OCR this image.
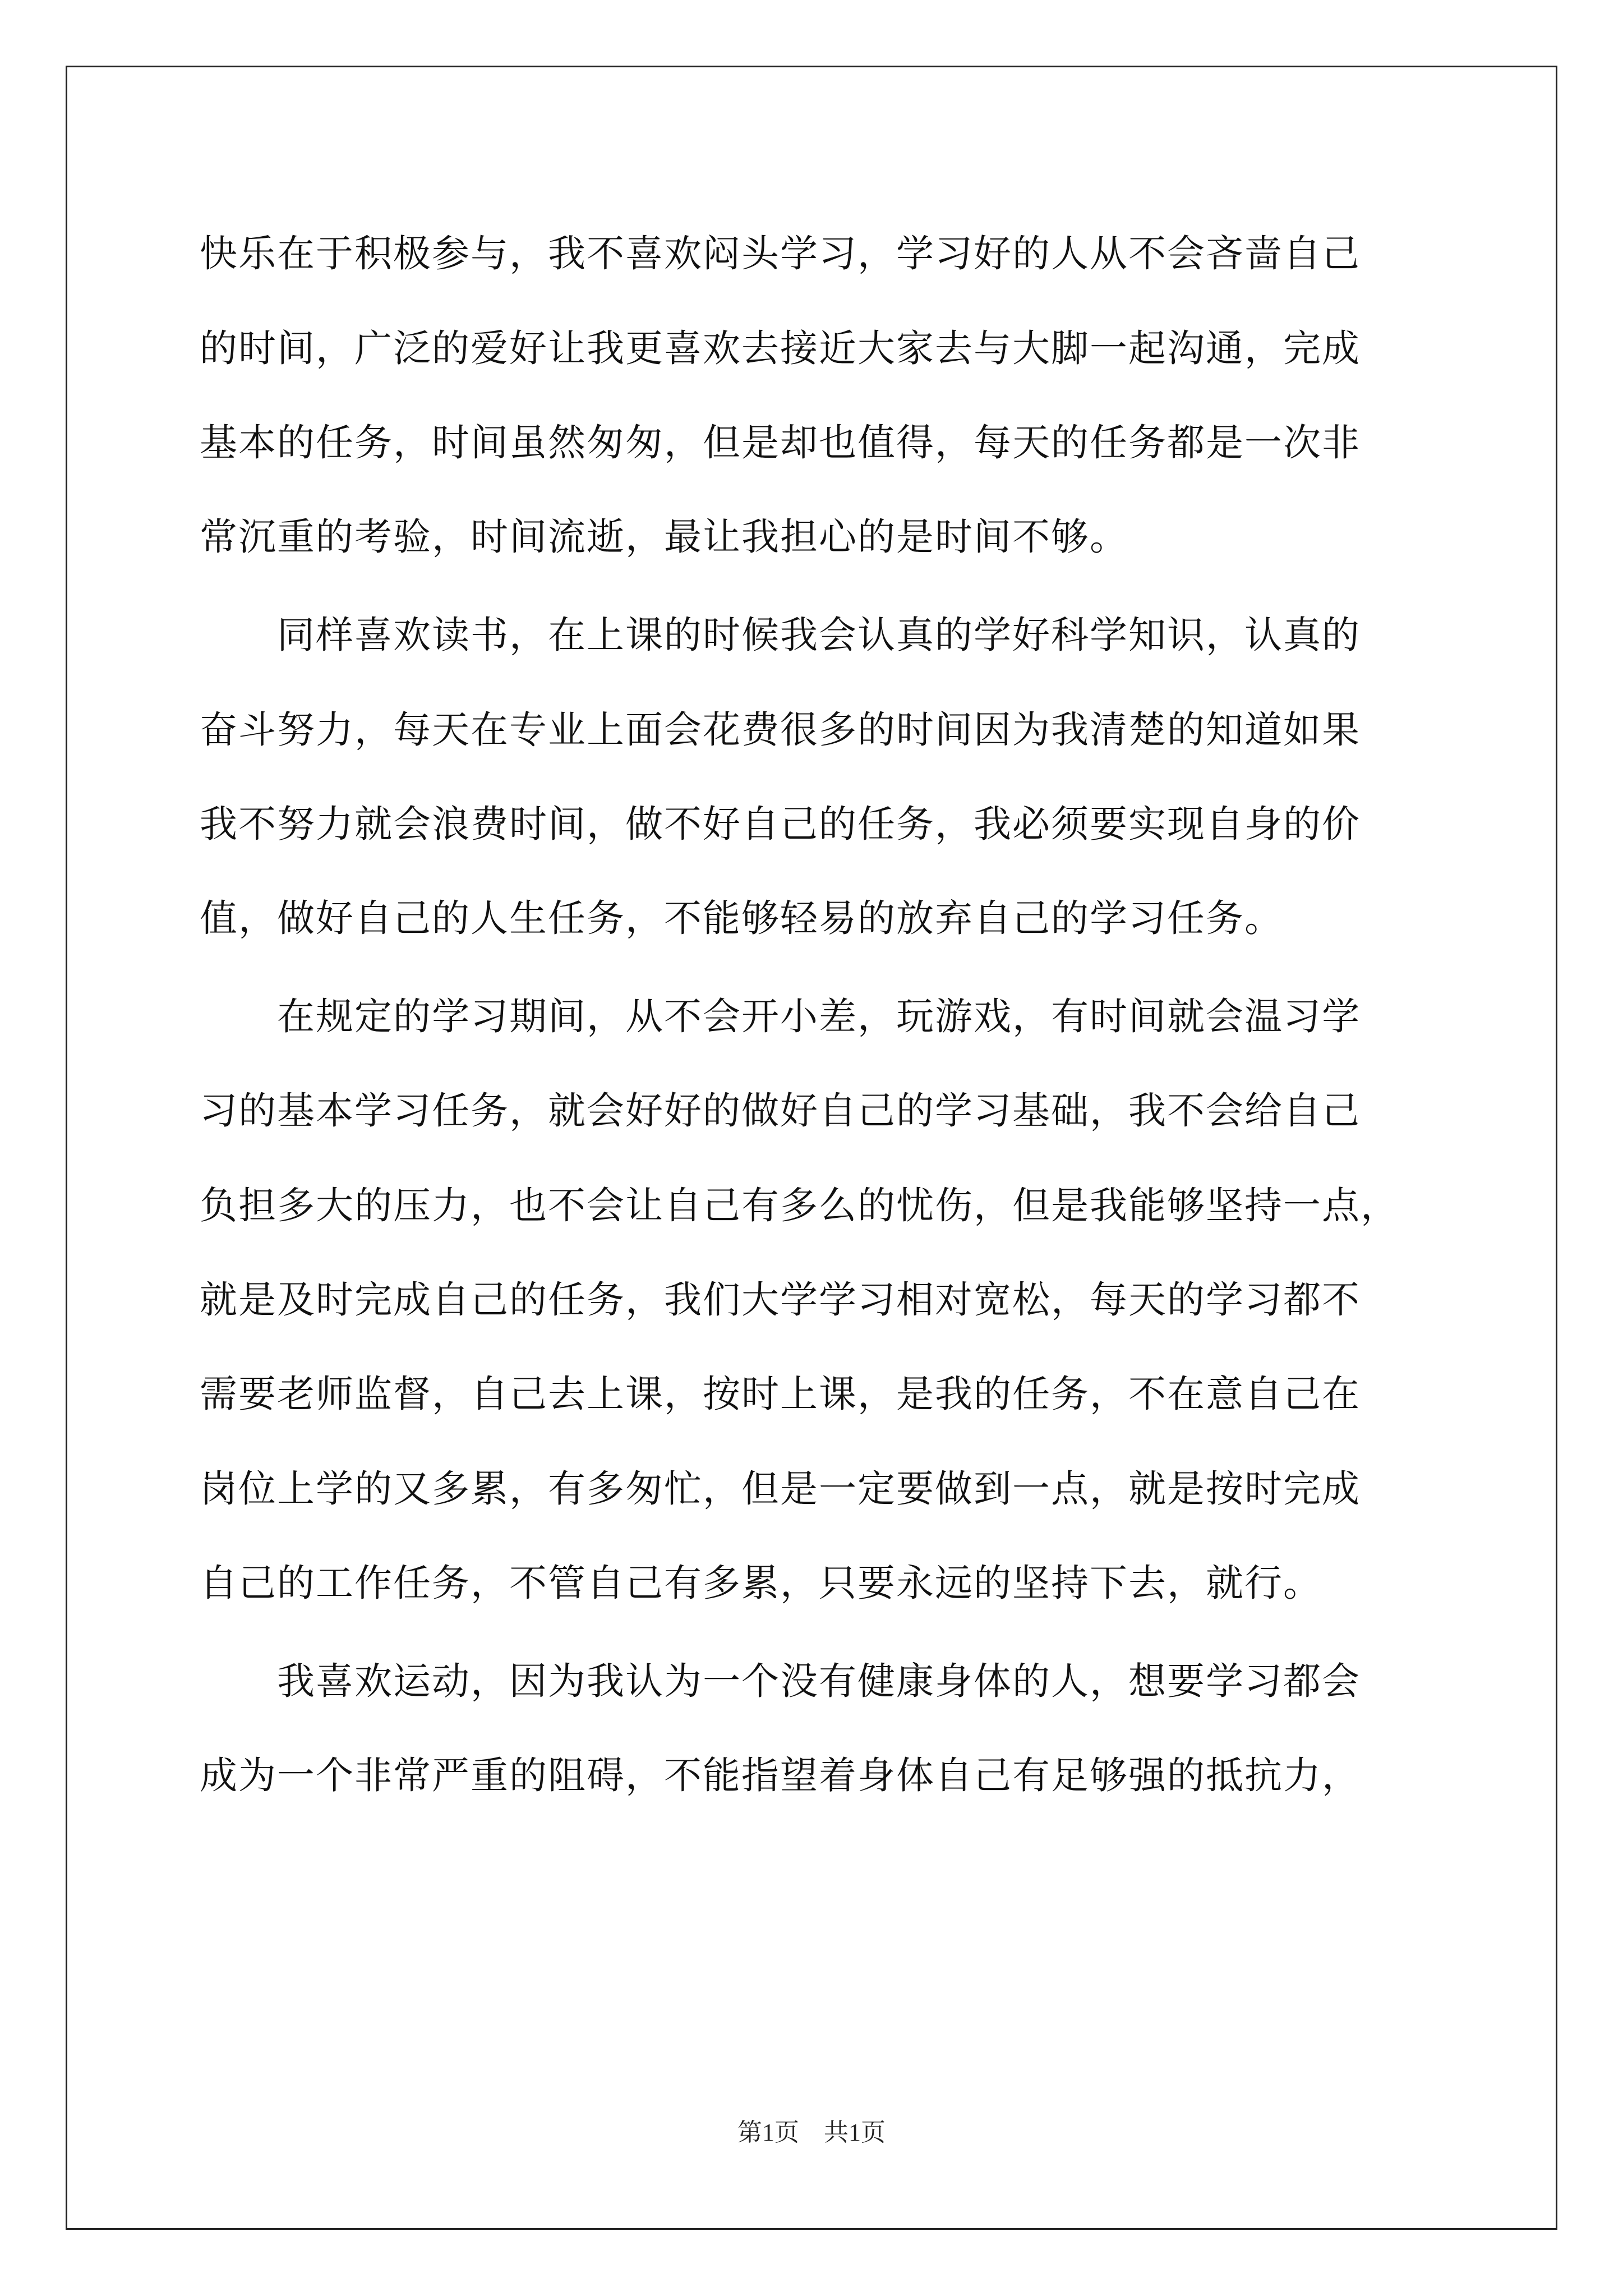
快乐在于积极参与，我不喜欢闷头学习，学习好的人从不会吝啬自己
的时间，广泛的爱好让我更喜欢去接近大家去与大脚一起沟通，完成
基本的任务，时间虽然匆匆，但是却也值得，每天的任务都是一次非
常沉重的考验，时间流逝，最让我担心的是时间不够。
　　同样喜欢读书，在上课的时候我会认真的学好科学知识，认真的
奋斗努力，每天在专业上面会花费很多的时间因为我清楚的知道如果
我不努力就会浪费时间，做不好自己的任务，我必须要实现自身的价
值，做好自己的人生任务，不能够轻易的放弃自己的学习任务。
　　在规定的学习期间，从不会开小差，玩游戏，有时间就会温习学
习的基本学习任务，就会好好的做好自己的学习基础，我不会给自己
负担多大的压力，也不会让自己有多么的忧伤，但是我能够坚持一点，
就是及时完成自己的任务，我们大学学习相对宽松，每天的学习都不
需要老师监督，自己去上课，按时上课，是我的任务，不在意自己在
岗位上学的又多累，有多匆忙，但是一定要做到一点，就是按时完成
自己的工作任务，不管自己有多累，只要永远的坚持下去，就行。
　　我喜欢运动，因为我认为一个没有健康身体的人，想要学习都会
成为一个非常严重的阻碍，不能指望着身体自己有足够强的抵抗力，
第1页 共1页
